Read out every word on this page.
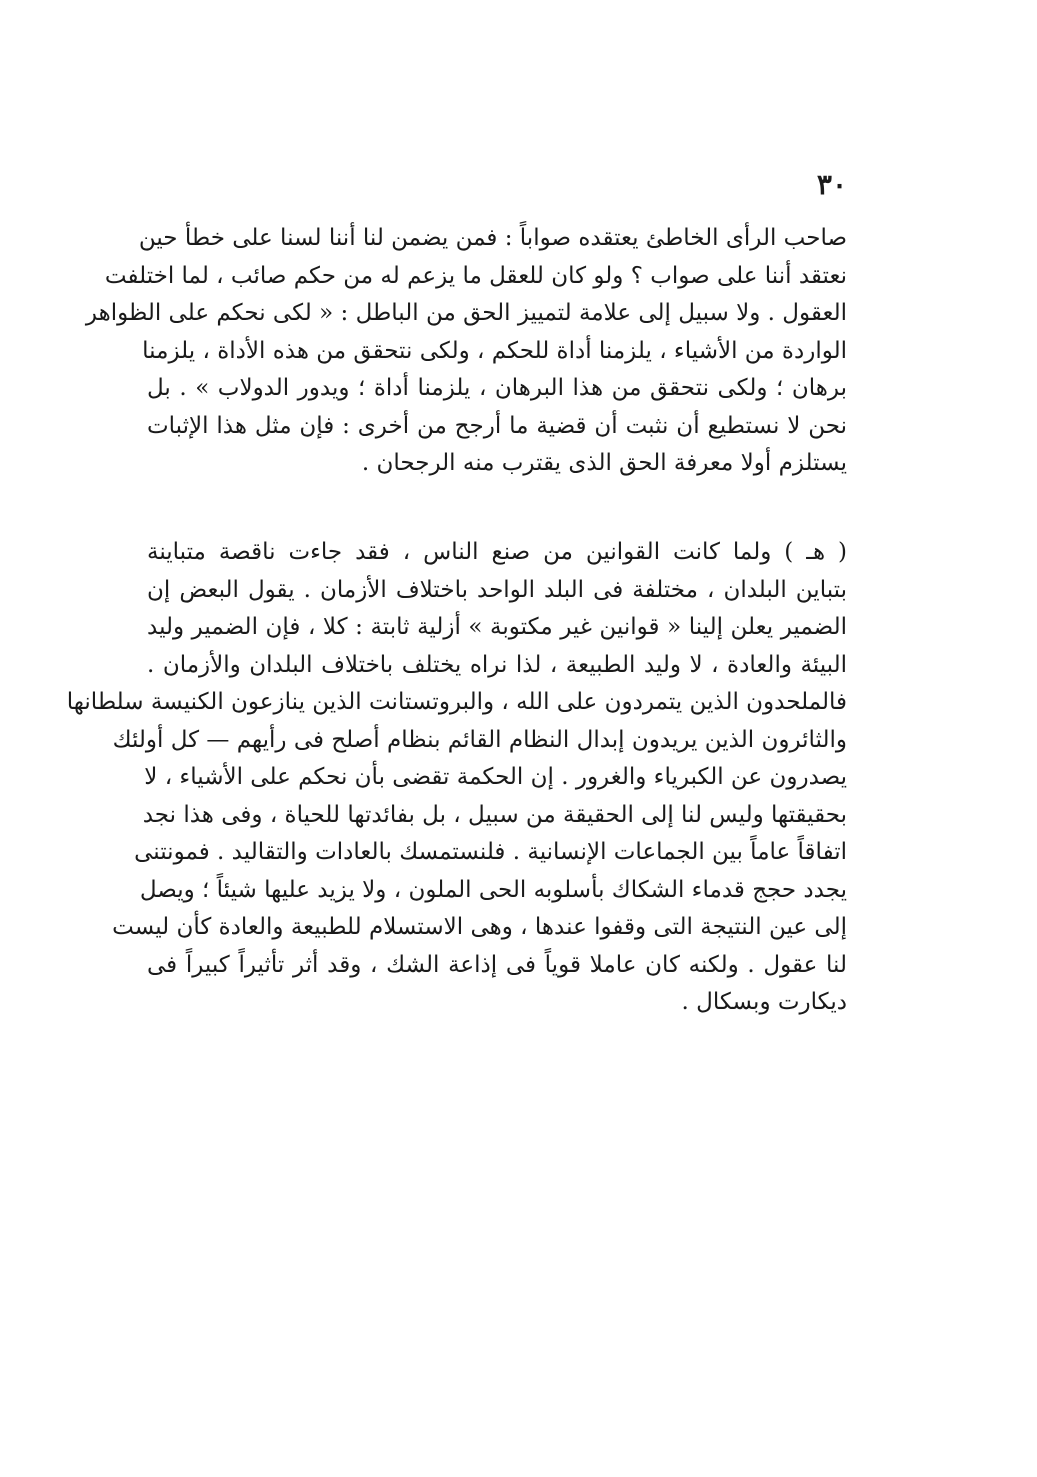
٣٠
صاحب الرأى الخاطئ يعتقده صواباً : فمن يضمن لنا أننا لسنا على خطأ حين
نعتقد أننا على صواب ؟ ولو كان للعقل ما يزعم له من حكم صائب ، لما اختلفت
العقول . ولا سبيل إلى علامة لتمييز الحق من الباطل : « لكى نحكم على الظواهر
الواردة من الأشياء ، يلزمنا أداة للحكم ، ولكى نتحقق من هذه الأداة ، يلزمنا
برهان ؛ ولكى نتحقق من هذا البرهان ، يلزمنا أداة ؛ ويدور الدولاب » . بل
نحن لا نستطيع أن نثبت أن قضية ما أرجح من أخرى : فإن مثل هذا الإثبات
يستلزم أولا معرفة الحق الذى يقترب منه الرجحان .
( هـ ) ولما كانت القوانين من صنع الناس ، فقد جاءت ناقصة متباينة
بتباين البلدان ، مختلفة فى البلد الواحد باختلاف الأزمان . يقول البعض إن
الضمير يعلن إلينا « قوانين غير مكتوبة » أزلية ثابتة : كلا ، فإن الضمير وليد
البيئة والعادة ، لا وليد الطبيعة ، لذا نراه يختلف باختلاف البلدان والأزمان .
فالملحدون الذين يتمردون على الله ، والبروتستانت الذين ينازعون الكنيسة سلطانها
والثائرون الذين يريدون إبدال النظام القائم بنظام أصلح فى رأيهم — كل أولئك
يصدرون عن الكبرياء والغرور . إن الحكمة تقضى بأن نحكم على الأشياء ، لا
بحقيقتها وليس لنا إلى الحقيقة من سبيل ، بل بفائدتها للحياة ، وفى هذا نجد
اتفاقاً عاماً بين الجماعات الإنسانية . فلنستمسك بالعادات والتقاليد . فمونتنى
يجدد حجج قدماء الشكاك بأسلوبه الحى الملون ، ولا يزيد عليها شيئاً ؛ ويصل
إلى عين النتيجة التى وقفوا عندها ، وهى الاستسلام للطبيعة والعادة كأن ليست
لنا عقول . ولكنه كان عاملا قوياً فى إذاعة الشك ، وقد أثر تأثيراً كبيراً فى
ديكارت وبسكال .
